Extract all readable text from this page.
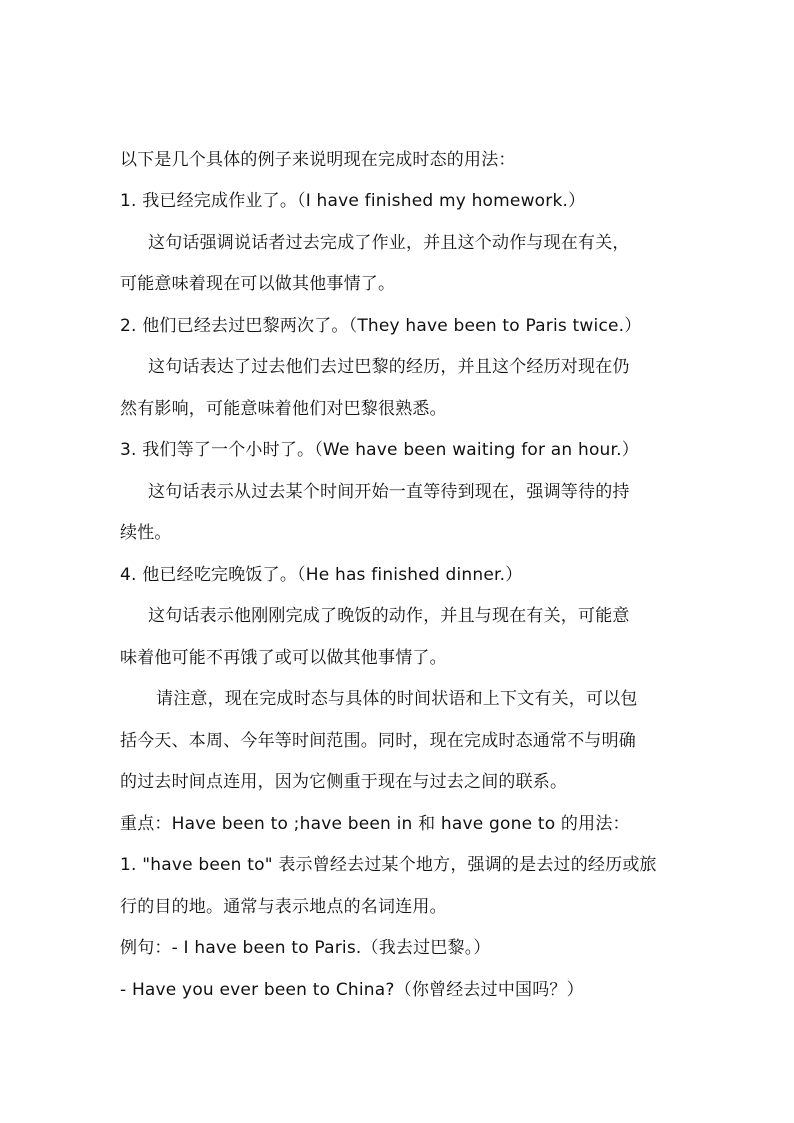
以下是几个具体的例子来说明现在完成时态的用法：
1. 我已经完成作业了。（I have finished my homework.）
这句话强调说话者过去完成了作业，并且这个动作与现在有关，
可能意味着现在可以做其他事情了。
2. 他们已经去过巴黎两次了。（They have been to Paris twice.）
这句话表达了过去他们去过巴黎的经历，并且这个经历对现在仍
然有影响，可能意味着他们对巴黎很熟悉。
3. 我们等了一个小时了。（We have been waiting for an hour.）
这句话表示从过去某个时间开始一直等待到现在，强调等待的持
续性。
4. 他已经吃完晚饭了。（He has finished dinner.）
这句话表示他刚刚完成了晚饭的动作，并且与现在有关，可能意
味着他可能不再饿了或可以做其他事情了。
请注意，现在完成时态与具体的时间状语和上下文有关，可以包
括今天、本周、今年等时间范围。同时，现在完成时态通常不与明确
的过去时间点连用，因为它侧重于现在与过去之间的联系。
重点：Have been to ;have been in 和 have gone to 的用法：
1. "have been to" 表示曾经去过某个地方，强调的是去过的经历或旅
行的目的地。通常与表示地点的名词连用。
例句：- I have been to Paris.（我去过巴黎。）
- Have you ever been to China?（你曾经去过中国吗？）
